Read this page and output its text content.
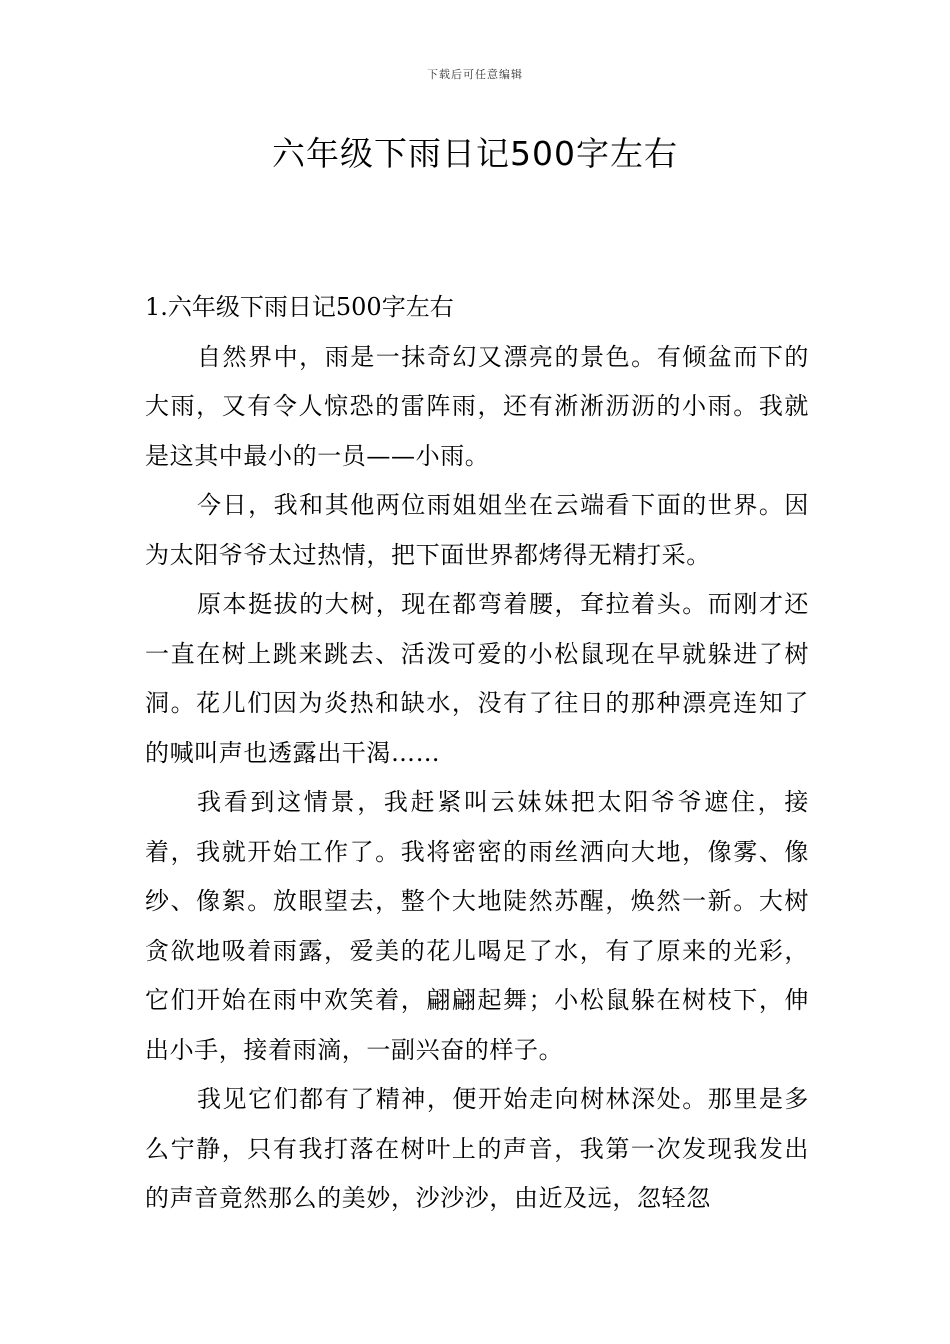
下载后可任意编辑
六年级下雨日记500字左右

1.六年级下雨日记500字左右

自然界中，雨是一抹奇幻又漂亮的景色。有倾盆而下的大雨，又有令人惊恐的雷阵雨，还有淅淅沥沥的小雨。我就是这其中最小的一员——小雨。

今日，我和其他两位雨姐姐坐在云端看下面的世界。因为太阳爷爷太过热情，把下面世界都烤得无精打采。

原本挺拔的大树，现在都弯着腰，耷拉着头。而刚才还一直在树上跳来跳去、活泼可爱的小松鼠现在早就躲进了树洞。花儿们因为炎热和缺水，没有了往日的那种漂亮连知了的喊叫声也透露出干渴……

我看到这情景，我赶紧叫云妹妹把太阳爷爷遮住，接着，我就开始工作了。我将密密的雨丝洒向大地，像雾、像纱、像絮。放眼望去，整个大地陡然苏醒，焕然一新。大树贪欲地吸着雨露，爱美的花儿喝足了水，有了原来的光彩，它们开始在雨中欢笑着，翩翩起舞；小松鼠躲在树枝下，伸出小手，接着雨滴，一副兴奋的样子。

我见它们都有了精神，便开始走向树林深处。那里是多么宁静，只有我打落在树叶上的声音，我第一次发现我发出的声音竟然那么的美妙，沙沙沙，由近及远，忽轻忽
